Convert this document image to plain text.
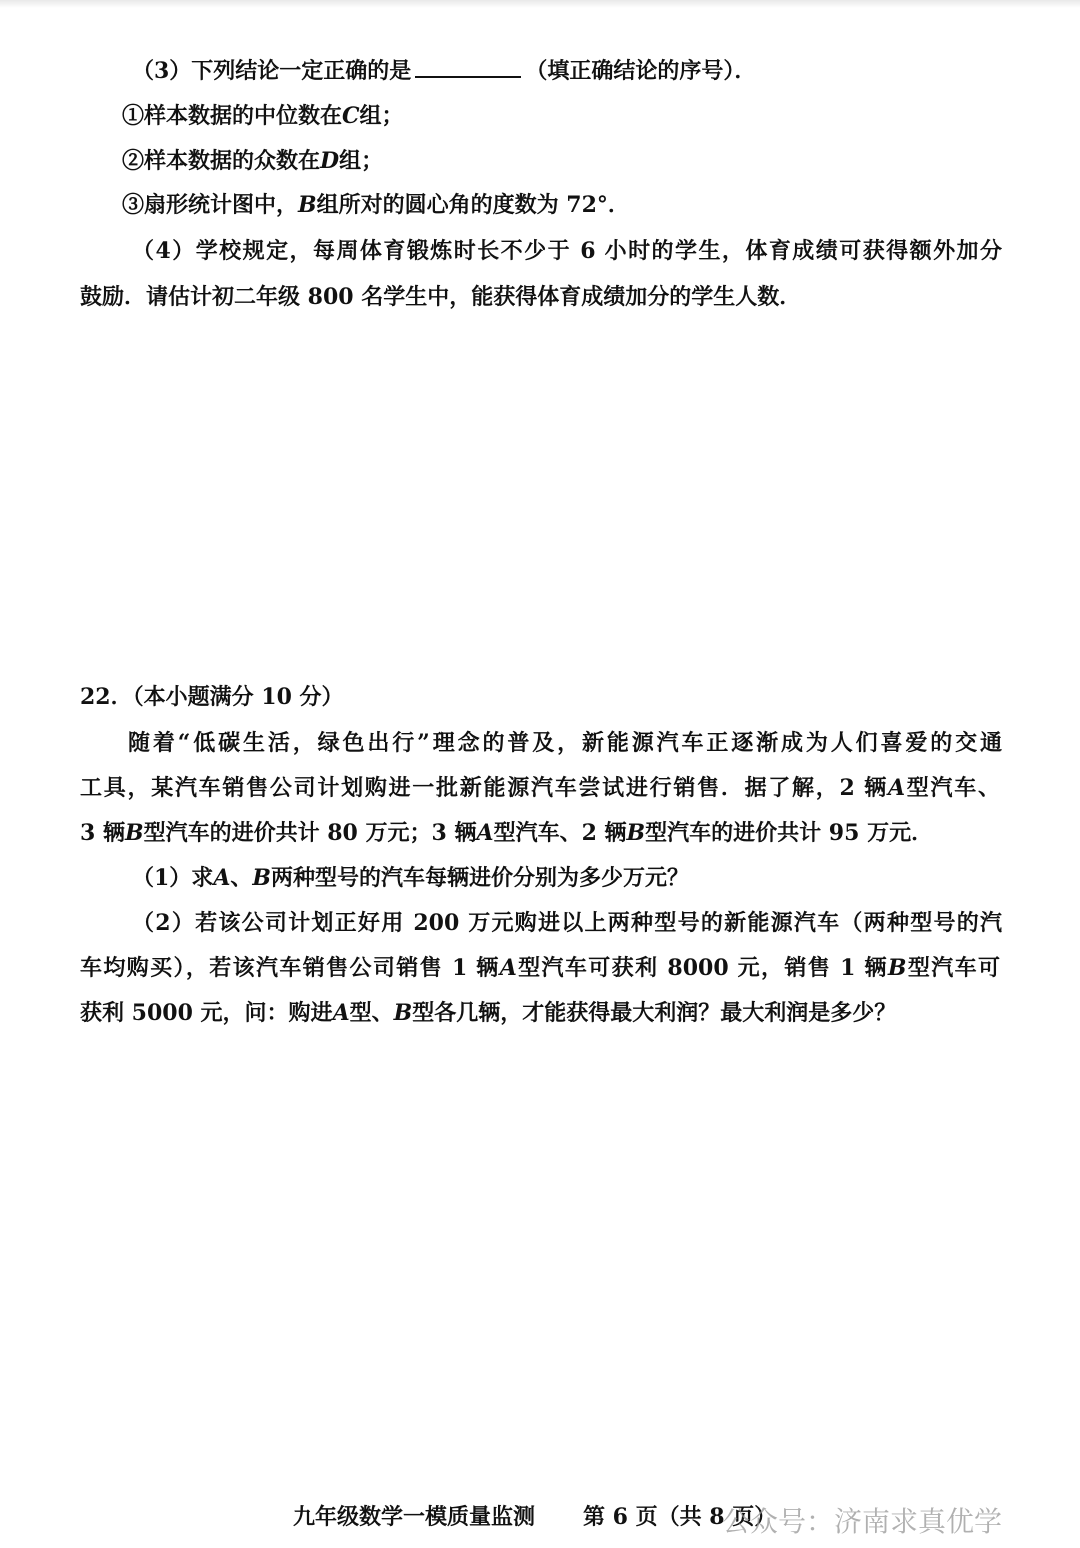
（3）下列结论一定正确的是	（填正确结论的序号）．
①样本数据的中位数在C组；
②样本数据的众数在D组；
③扇形统计图中，B组所对的圆心角的度数为 72°．
（4）学校规定，每周体育锻炼时长不少于 6 小时的学生，体育成绩可获得额外加分
鼓励．请估计初二年级 800 名学生中，能获得体育成绩加分的学生人数．
22．（本小题满分 10 分）
随着“低碳生活，绿色出行”理念的普及，新能源汽车正逐渐成为人们喜爱的交通
工具，某汽车销售公司计划购进一批新能源汽车尝试进行销售．据了解，2 辆A型汽车、
3 辆B型汽车的进价共计 80 万元；3 辆A型汽车、2 辆B型汽车的进价共计 95 万元．
（1）求A、B两种型号的汽车每辆进价分别为多少万元？
（2）若该公司计划正好用 200 万元购进以上两种型号的新能源汽车（两种型号的汽
车均购买），若该汽车销售公司销售 1 辆A型汽车可获利 8000 元，销售 1 辆B型汽车可
获利 5000 元，问：购进A型、B型各几辆，才能获得最大利润？最大利润是多少？
九年级数学一模质量监测 第 6 页（共 8 页）
公众号：济南求真优学
